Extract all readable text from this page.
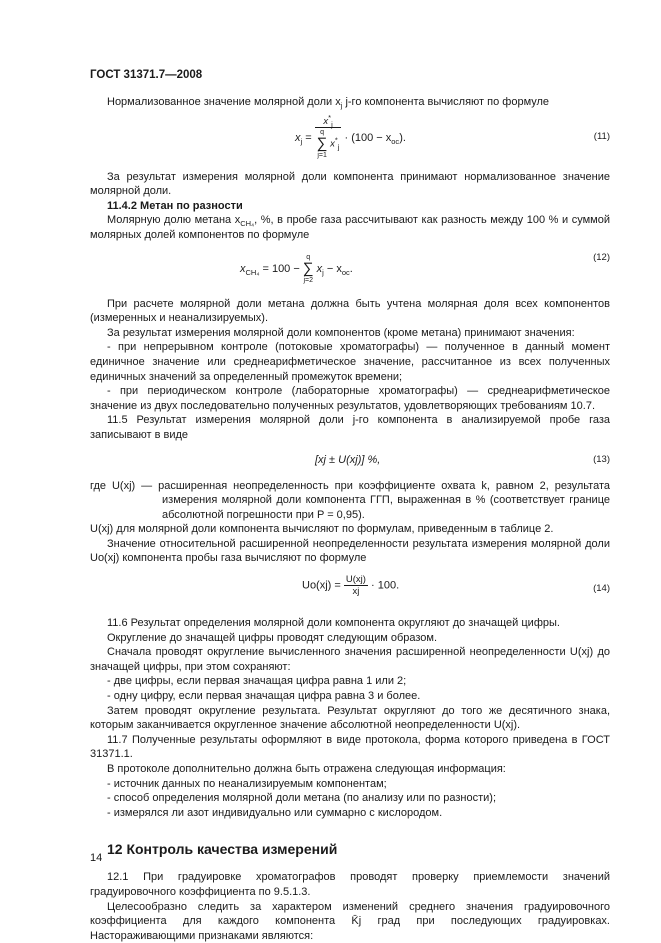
ГОСТ 31371.7—2008

Нормализованное значение молярной доли $x_j$ j-го компонента вычисляют по формуле

$x_j = x^*_j$
q
∑
j=1
$x^*_j \cdot (100 - x_{ос})$.	(11)

За результат измерения молярной доли компонента принимают нормализованное значение молярной доли.

11.4.2 Метан по разности

Молярную долю метана $x_{CH_4}$, %, в пробе газа рассчитывают как разность между 100 % и суммой молярных долей компонентов по формуле

$x_{CH_4} = 100$ −
q
∑
j=2
$x_j - x_{ос}$.
(12)

При расчете молярной доли метана должна быть учтена молярная доля всех компонентов (измеренных и неанализируемых).

За результат измерения молярной доли компонентов (кроме метана) принимают значения:

- при непрерывном контроле (потоковые хроматографы) — полученное в данный момент единичное значение или среднеарифметическое значение, рассчитанное из всех полученных единичных значений за определенный промежуток времени;

- при периодическом контроле (лабораторные хроматографы) — среднеарифметическое значение из двух последовательно полученных результатов, удовлетворяющих требованиям 10.7.

11.5 Результат измерения молярной доли j-го компонента в анализируемой пробе газа записывают в виде

[xj ± U(xj)] %,	(13)

где U(xj) — расширенная неопределенность при коэффициенте охвата k, равном 2, результата измерения молярной доли компонента ГГП, выраженная в % (соответствует границе абсолютной погрешности при P = 0,95).

U(xj) для молярной доли компонента вычисляют по формулам, приведенным в таблице 2.

Значение относительной расширенной неопределенности результата измерения молярной доли Uo(xj) компонента пробы газа вычисляют по формуле

$Uo(xj) = \frac{U(xj)}{xj} \cdot 100$.	(14)

11.6 Результат определения молярной доли компонента округляют до значащей цифры.

Округление до значащей цифры проводят следующим образом.

Сначала проводят округление вычисленного значения расширенной неопределенности U(xj) до значащей цифры, при этом сохраняют:

- две цифры, если первая значащая цифра равна 1 или 2;

- одну цифру, если первая значащая цифра равна 3 и более.

Затем проводят округление результата. Результат округляют до того же десятичного знака, которым заканчивается округленное значение абсолютной неопределенности U(xj).

11.7 Полученные результаты оформляют в виде протокола, форма которого приведена в ГОСТ 31371.1.

В протоколе дополнительно должна быть отражена следующая информация:

- источник данных по неанализируемым компонентам;

- способ определения молярной доли метана (по анализу или по разности);

- измерялся ли азот индивидуально или суммарно с кислородом.

12 Контроль качества измерений

12.1 При градуировке хроматографов проводят проверку приемлемости значений градуировочного коэффициента по 9.5.1.3.

Целесообразно следить за характером изменений среднего значения градуировочного коэффициента для каждого компонента K̄j град при последующих градуировках. Настораживающими признаками являются:

14
